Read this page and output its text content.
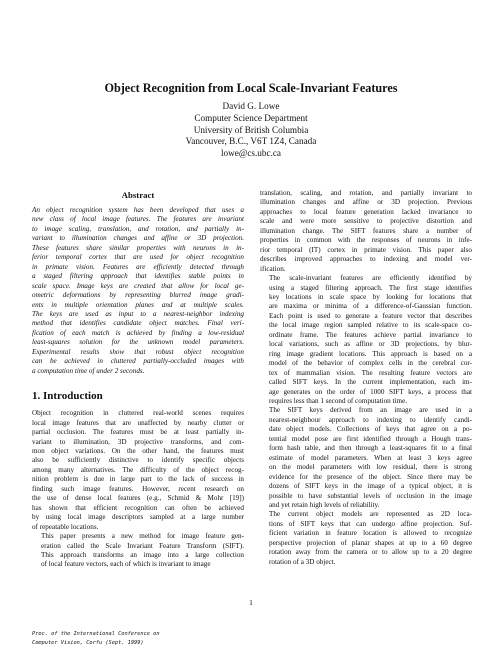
Object Recognition from Local Scale-Invariant Features
David G. Lowe
Computer Science Department
University of British Columbia
Vancouver, B.C., V6T 1Z4, Canada
lowe@cs.ubc.ca
Abstract
An object recognition system has been developed that uses a
new class of local image features. The features are invariant
to image scaling, translation, and rotation, and partially in-
variant to illumination changes and affine or 3D projection.
These features share similar properties with neurons in in-
ferior temporal cortex that are used for object recognition
in primate vision. Features are efficiently detected through
a staged filtering approach that identifies stable points in
scale space. Image keys are created that allow for local ge-
ometric deformations by representing blurred image gradi-
ents in multiple orientation planes and at multiple scales.
The keys are used as input to a nearest-neighbor indexing
method that identifies candidate object matches. Final veri-
fication of each match is achieved by finding a low-residual
least-squares solution for the unknown model parameters.
Experimental results show that robust object recognition
can be achieved in cluttered partially-occluded images with
a computation time of under 2 seconds.
1. Introduction
Object recognition in cluttered real-world scenes requires
local image features that are unaffected by nearby clutter or
partial occlusion. The features must be at least partially in-
variant to illumination, 3D projective transforms, and com-
mon object variations. On the other hand, the features must
also be sufficiently distinctive to identify specific objects
among many alternatives. The difficulty of the object recog-
nition problem is due in large part to the lack of success in
finding such image features. However, recent research on
the use of dense local features (e.g., Schmid & Mohr [19])
has shown that efficient recognition can often be achieved
by using local image descriptors sampled at a large number
of repeatable locations.
This paper presents a new method for image feature gen-
eration called the Scale Invariant Feature Transform (SIFT).
This approach transforms an image into a large collection
of local feature vectors, each of which is invariant to image
translation, scaling, and rotation, and partially invariant to
illumination changes and affine or 3D projection. Previous
approaches to local feature generation lacked invariance to
scale and were more sensitive to projective distortion and
illumination change. The SIFT features share a number of
properties in common with the responses of neurons in infe-
rior temporal (IT) cortex in primate vision. This paper also
describes improved approaches to indexing and model ver-
ification.
The scale-invariant features are efficiently identified by
using a staged filtering approach. The first stage identifies
key locations in scale space by looking for locations that
are maxima or minima of a difference-of-Gaussian function.
Each point is used to generate a feature vector that describes
the local image region sampled relative to its scale-space co-
ordinate frame. The features achieve partial invariance to
local variations, such as affine or 3D projections, by blur-
ring image gradient locations. This approach is based on a
model of the behavior of complex cells in the cerebral cor-
tex of mammalian vision. The resulting feature vectors are
called SIFT keys. In the current implementation, each im-
age generates on the order of 1000 SIFT keys, a process that
requires less than 1 second of computation time.
The SIFT keys derived from an image are used in a
nearest-neighbour approach to indexing to identify candi-
date object models. Collections of keys that agree on a po-
tential model pose are first identified through a Hough trans-
form hash table, and then through a least-squares fit to a final
estimate of model parameters. When at least 3 keys agree
on the model parameters with low residual, there is strong
evidence for the presence of the object. Since there may be
dozens of SIFT keys in the image of a typical object, it is
possible to have substantial levels of occlusion in the image
and yet retain high levels of reliability.
The current object models are represented as 2D loca-
tions of SIFT keys that can undergo affine projection. Suf-
ficient variation in feature location is allowed to recognize
perspective projection of planar shapes at up to a 60 degree
rotation away from the camera or to allow up to a 20 degree
rotation of a 3D object.
1
Proc. of the International Conference on
Computer Vision, Corfu (Sept. 1999)
